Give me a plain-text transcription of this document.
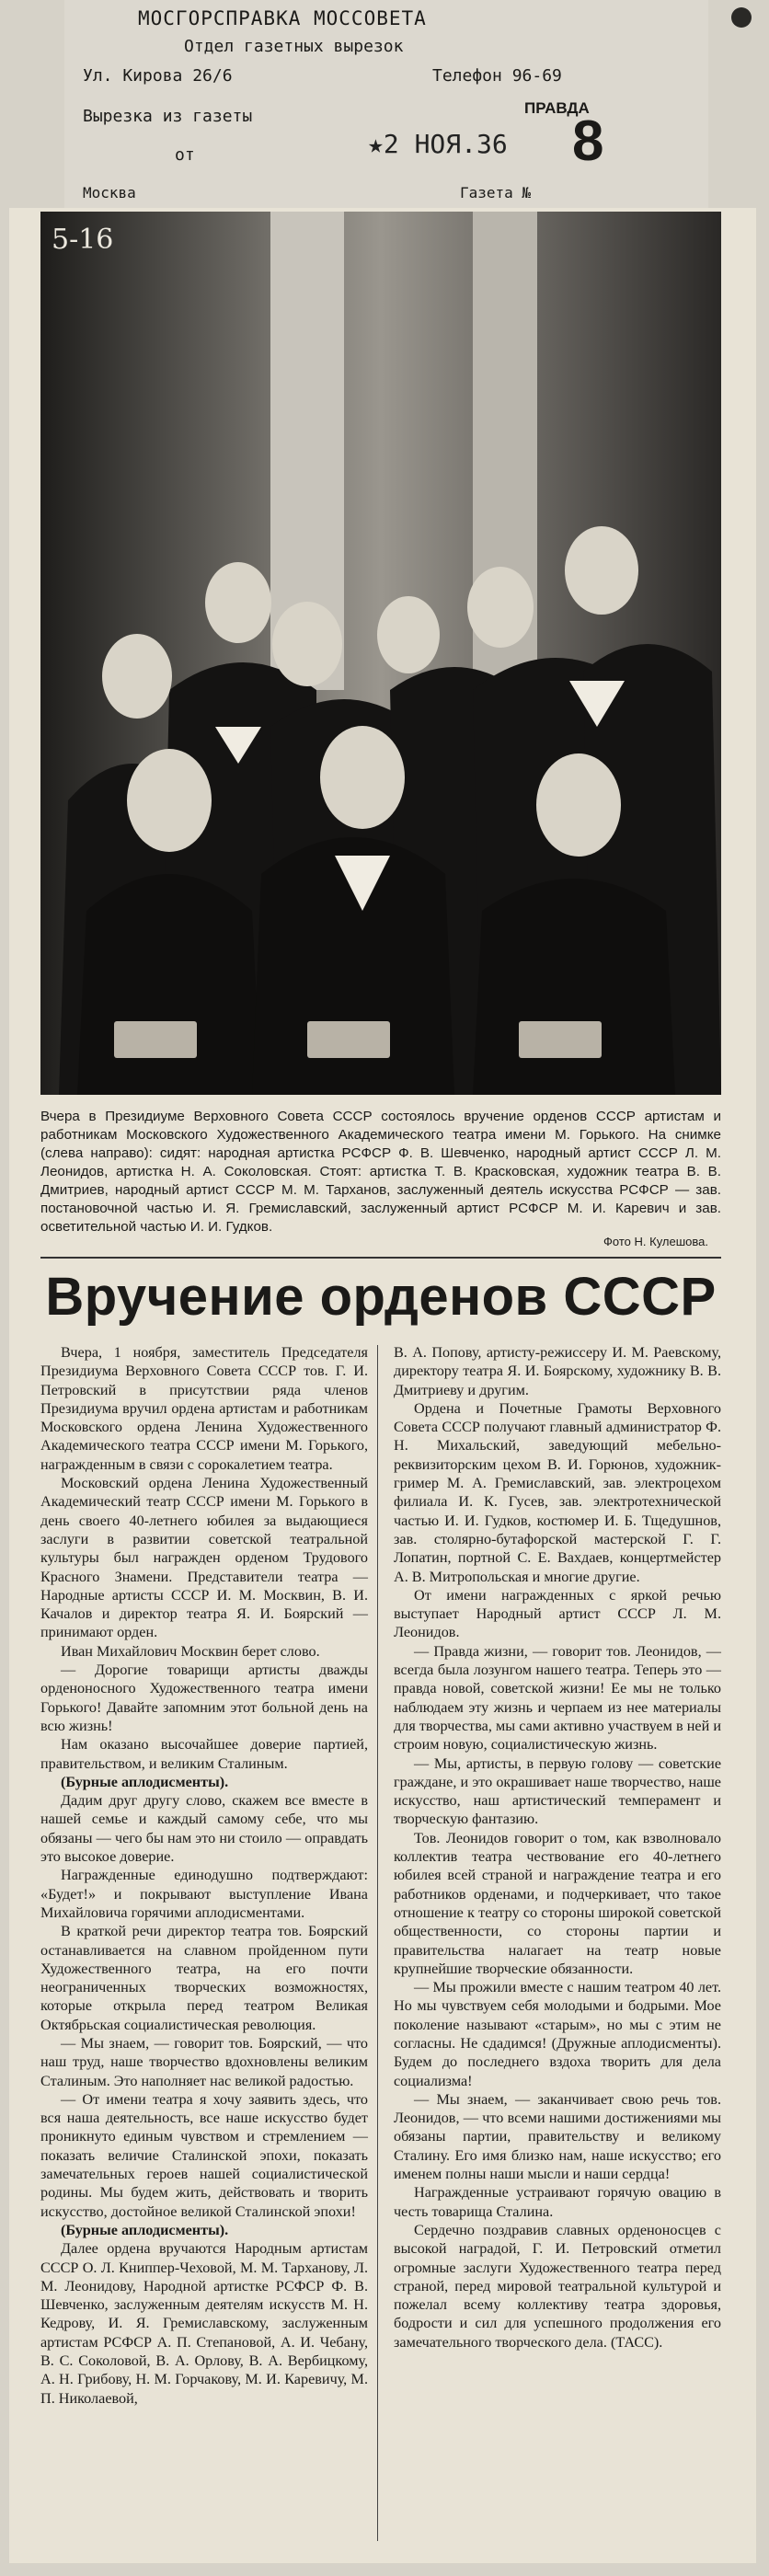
МОСГОРСПРАВКА МОССОВЕТА
Отдел газетных вырезок
Ул. Кирова 26/6	Телефон 96-69
Вырезка из газеты	ПРАВДА
от	★2 НОЯ.36 8
Москва	Газета №
5-16
Вчера в Президиуме Верховного Совета СССР состоялось вручение орденов СССР артистам и работникам Московского Художественного Академического театра имени М. Горького. На снимке (слева направо): сидят: народная артистка РСФСР Ф. В. Шевченко, народный артист СССР Л. М. Леонидов, артистка Н. А. Соколовская. Стоят: артистка Т. В. Красковская, художник театра В. В. Дмитриев, народный артист СССР М. М. Тарханов, заслуженный деятель искусства РСФСР — зав. постановочной частью И. Я. Гремиславский, заслуженный артист РСФСР М. И. Каревич и зав. осветительной частью И. И. Гудков.
Фото Н. Кулешова.
Вручение орденов СССР

Вчера, 1 ноября, заместитель Председателя Президиума Верховного Совета СССР тов. Г. И. Петровский в присутствии ряда членов Президиума вручил ордена артистам и работникам Московского ордена Ленина Художественного Академического театра СССР имени М. Горького, награжденным в связи с сорокалетием театра.

Московский ордена Ленина Художественный Академический театр СССР имени М. Горького в день своего 40-летнего юбилея за выдающиеся заслуги в развитии советской театральной культуры был награжден орденом Трудового Красного Знамени. Представители театра — Народные артисты СССР И. М. Москвин, В. И. Качалов и директор театра Я. И. Боярский — принимают орден.

Иван Михайлович Москвин берет слово.

— Дорогие товарищи артисты дважды орденоносного Художественного театра имени Горького! Давайте запомним этот больной день на всю жизнь!

Нам оказано высочайшее доверие партией, правительством, и великим Сталиным.

(Бурные аплодисменты).

Дадим друг другу слово, скажем все вместе в нашей семье и каждый самому себе, что мы обязаны — чего бы нам это ни стоило — оправдать это высокое доверие.

Награжденные единодушно подтверждают: «Будет!» и покрывают выступление Ивана Михайловича горячими аплодисментами.

В краткой речи директор театра тов. Боярский останавливается на славном пройденном пути Художественного театра, на его почти неограниченных творческих возможностях, которые открыла перед театром Великая Октябрьская социалистическая революция.

— Мы знаем, — говорит тов. Боярский, — что наш труд, наше творчество вдохновлены великим Сталиным. Это наполняет нас великой радостью.

— От имени театра я хочу заявить здесь, что вся наша деятельность, все наше искусство будет проникнуто единым чувством и стремлением — показать величие Сталинской эпохи, показать замечательных героев нашей социалистической родины. Мы будем жить, действовать и творить искусство, достойное великой Сталинской эпохи!

(Бурные аплодисменты).

Далее ордена вручаются Народным артистам СССР О. Л. Книппер-Чеховой, М. М. Тарханову, Л. М. Леонидову, Народной артистке РСФСР Ф. В. Шевченко, заслуженным деятелям искусств М. Н. Кедрову, И. Я. Гремиславскому, заслуженным артистам РСФСР А. П. Степановой, А. И. Чебану, В. С. Соколовой, В. А. Орлову, В. А. Вербицкому, А. Н. Грибову, Н. М. Горчакову, М. И. Каревичу, М. П. Николаевой,

В. А. Попову, артисту-режиссеру И. М. Раевскому, директору театра Я. И. Боярскому, художнику В. В. Дмитриеву и другим.

Ордена и Почетные Грамоты Верховного Совета СССР получают главный администратор Ф. Н. Михальский, заведующий мебельно-реквизиторским цехом В. И. Горюнов, художник-гример М. А. Гремиславский, зав. электроцехом филиала И. К. Гусев, зав. электротехнической частью И. И. Гудков, костюмер И. Б. Тщедушнов, зав. столярно-бутафорской мастерской Г. Г. Лопатин, портной С. Е. Вахдаев, концертмейстер А. В. Митропольская и многие другие.

От имени награжденных с яркой речью выступает Народный артист СССР Л. М. Леонидов.

— Правда жизни, — говорит тов. Леонидов, — всегда была лозунгом нашего театра. Теперь это — правда новой, советской жизни! Ее мы не только наблюдаем эту жизнь и черпаем из нее материалы для творчества, мы сами активно участвуем в ней и строим новую, социалистическую жизнь.

— Мы, артисты, в первую голову — советские граждане, и это окрашивает наше творчество, наше искусство, наш артистический темперамент и творческую фантазию.

Тов. Леонидов говорит о том, как взволновало коллектив театра чествование его 40-летнего юбилея всей страной и награждение театра и его работников орденами, и подчеркивает, что такое отношение к театру со стороны широкой советской общественности, со стороны партии и правительства налагает на театр новые крупнейшие творческие обязанности.

— Мы прожили вместе с нашим театром 40 лет. Но мы чувствуем себя молодыми и бодрыми. Мое поколение называют «старым», но мы с этим не согласны. Не сдадимся! (Дружные аплодисменты). Будем до последнего вздоха творить для дела социализма!

— Мы знаем, — заканчивает свою речь тов. Леонидов, — что всеми нашими достижениями мы обязаны партии, правительству и великому Сталину. Его имя близко нам, наше искусство; его именем полны наши мысли и наши сердца!

Награжденные устраивают горячую овацию в честь товарища Сталина.

Сердечно поздравив славных орденоносцев с высокой наградой, Г. И. Петровский отметил огромные заслуги Художественного театра перед страной, перед мировой театральной культурой и пожелал всему коллективу театра здоровья, бодрости и сил для успешного продолжения его замечательного творческого дела. (ТАСС).
